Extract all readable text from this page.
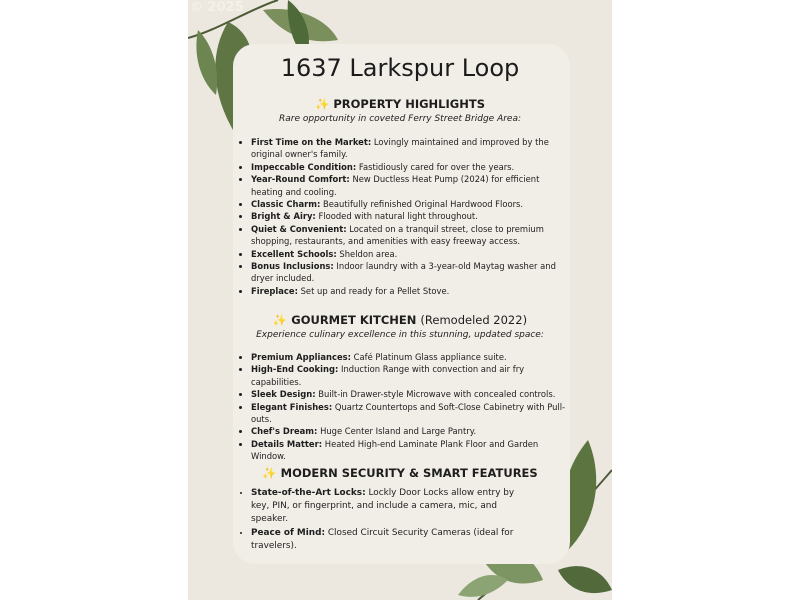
© 2025
1637 Larkspur Loop
✨ PROPERTY HIGHLIGHTS
Rare opportunity in coveted Ferry Street Bridge Area:
• First Time on the Market: Lovingly maintained and improved by the original owner's family.
• Impeccable Condition: Fastidiously cared for over the years.
• Year-Round Comfort: New Ductless Heat Pump (2024) for efficient heating and cooling.
• Classic Charm: Beautifully refinished Original Hardwood Floors.
• Bright & Airy: Flooded with natural light throughout.
• Quiet & Convenient: Located on a tranquil street, close to premium shopping, restaurants, and amenities with easy freeway access.
• Excellent Schools: Sheldon area.
• Bonus Inclusions: Indoor laundry with a 3-year-old Maytag washer and dryer included.
• Fireplace: Set up and ready for a Pellet Stove.
✨ GOURMET KITCHEN (Remodeled 2022)
Experience culinary excellence in this stunning, updated space:
• Premium Appliances: Café Platinum Glass appliance suite.
• High-End Cooking: Induction Range with convection and air fry capabilities.
• Sleek Design: Built-in Drawer-style Microwave with concealed controls.
• Elegant Finishes: Quartz Countertops and Soft-Close Cabinetry with Pull-outs.
• Chef's Dream: Huge Center Island and Large Pantry.
• Details Matter: Heated High-end Laminate Plank Floor and Garden Window.
✨ MODERN SECURITY & SMART FEATURES
• State-of-the-Art Locks: Lockly Door Locks allow entry by key, PIN, or fingerprint, and include a camera, mic, and speaker.
• Peace of Mind: Closed Circuit Security Cameras (ideal for travelers).
